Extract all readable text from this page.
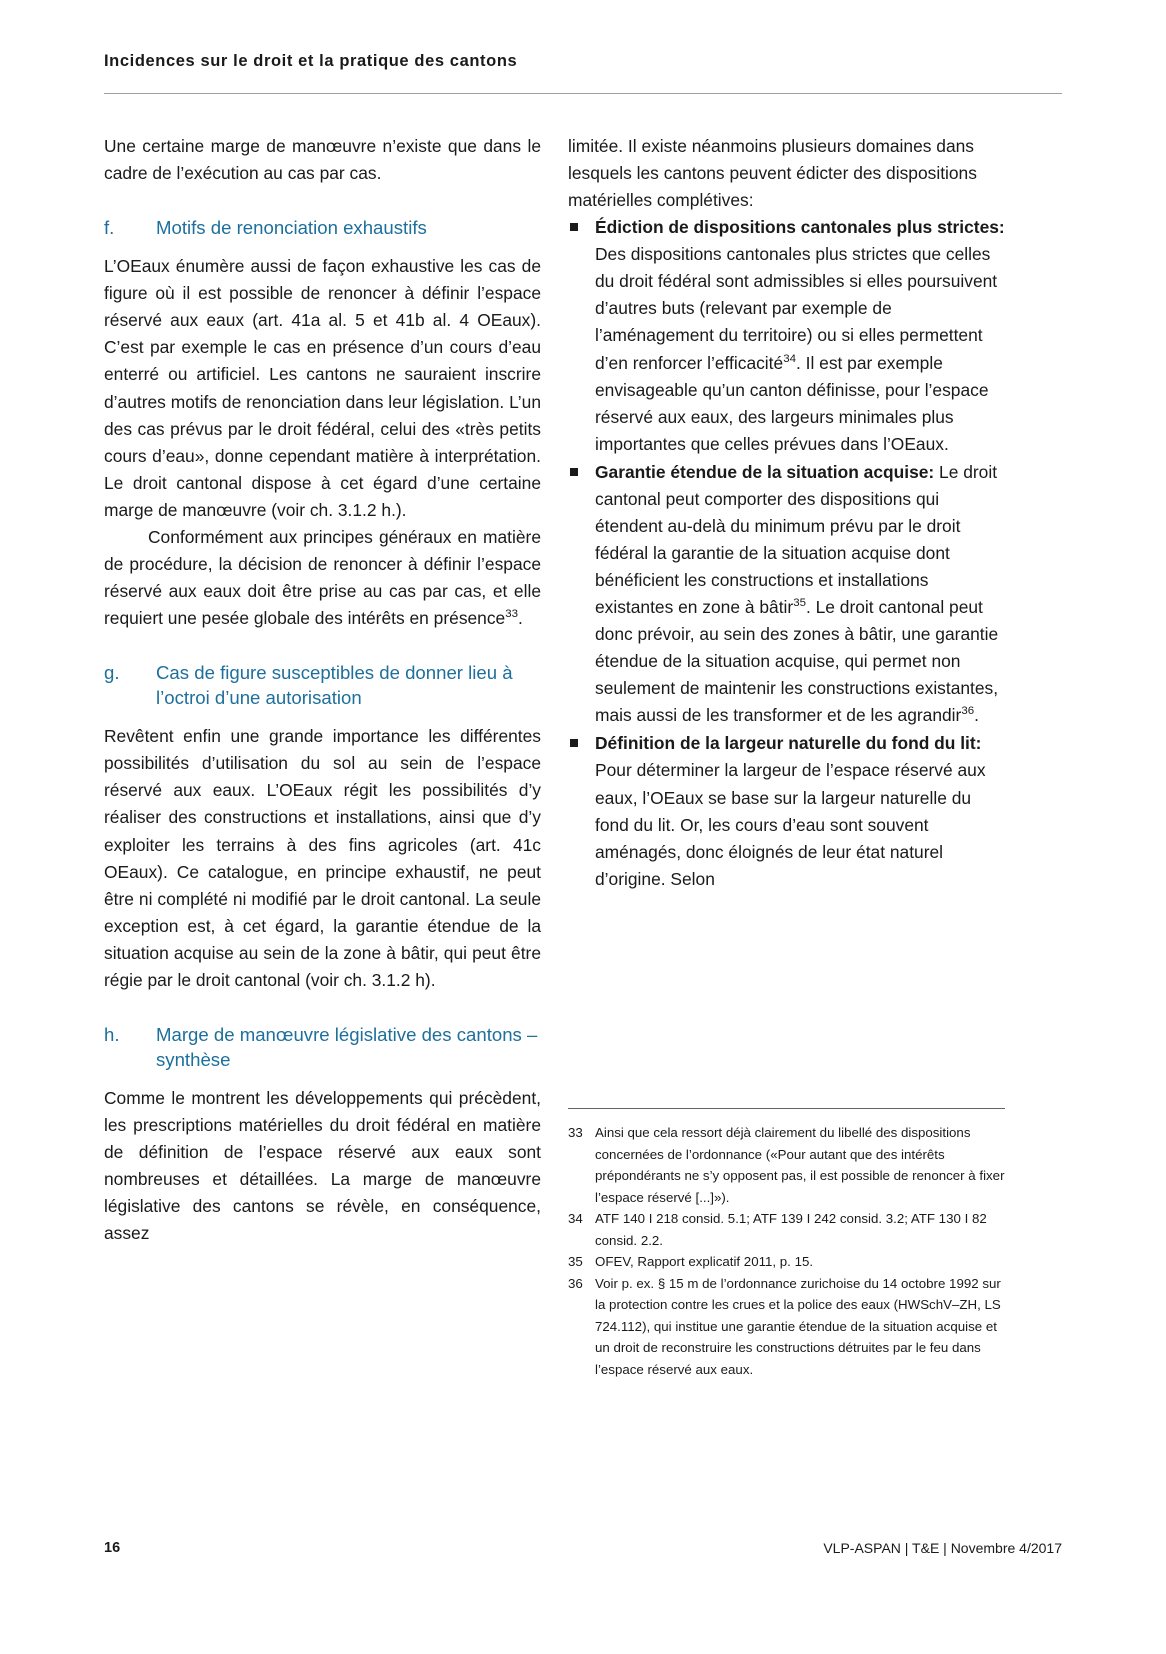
Incidences sur le droit et la pratique des cantons

Une certaine marge de manœuvre n’existe que dans le cadre de l’exécution au cas par cas.

f.	Motifs de renonciation exhaustifs

L’OEaux énumère aussi de façon exhaustive les cas de figure où il est possible de renoncer à définir l’espace réservé aux eaux (art. 41a al. 5 et 41b al. 4 OEaux). C’est par exemple le cas en présence d’un cours d’eau enterré ou artificiel. Les cantons ne sauraient inscrire d’autres motifs de renonciation dans leur législation. L’un des cas prévus par le droit fédéral, celui des «très petits cours d’eau», donne cependant matière à interprétation. Le droit cantonal dispose à cet égard d’une certaine marge de manœuvre (voir ch. 3.1.2 h.).

Conformément aux principes généraux en matière de procédure, la décision de renoncer à définir l’espace réservé aux eaux doit être prise au cas par cas, et elle requiert une pesée globale des intérêts en présence$^{33}$.

g.	Cas de figure susceptibles de donner lieu à l’octroi d’une autorisation

Revêtent enfin une grande importance les différentes possibilités d’utilisation du sol au sein de l’espace réservé aux eaux. L’OEaux régit les possibilités d’y réaliser des constructions et installations, ainsi que d’y exploiter les terrains à des fins agricoles (art. 41c OEaux). Ce catalogue, en principe exhaustif, ne peut être ni complété ni modifié par le droit cantonal. La seule exception est, à cet égard, la garantie étendue de la situation acquise au sein de la zone à bâtir, qui peut être régie par le droit cantonal (voir ch. 3.1.2 h).

h.	Marge de manœuvre législative des cantons – synthèse

Comme le montrent les développements qui précèdent, les prescriptions matérielles du droit fédéral en matière de définition de l’espace réservé aux eaux sont nombreuses et détaillées. La marge de manœuvre législative des cantons se révèle, en conséquence, assez

limitée. Il existe néanmoins plusieurs domaines dans lesquels les cantons peuvent édicter des dispositions matérielles complétives:

Édiction de dispositions cantonales plus strictes: Des dispositions cantonales plus strictes que celles du droit fédéral sont admissibles si elles poursuivent d’autres buts (relevant par exemple de l’aménagement du territoire) ou si elles permettent d’en renforcer l’efficacité$^{34}$. Il est par exemple envisageable qu’un canton définisse, pour l’espace réservé aux eaux, des largeurs minimales plus importantes que celles prévues dans l’OEaux.
Garantie étendue de la situation acquise: Le droit cantonal peut comporter des dispositions qui étendent au-delà du minimum prévu par le droit fédéral la garantie de la situation acquise dont bénéficient les constructions et installations existantes en zone à bâtir$^{35}$. Le droit cantonal peut donc prévoir, au sein des zones à bâtir, une garantie étendue de la situation acquise, qui permet non seulement de maintenir les constructions existantes, mais aussi de les transformer et de les agrandir$^{36}$.
Définition de la largeur naturelle du fond du lit: Pour déterminer la largeur de l’espace réservé aux eaux, l’OEaux se base sur la largeur naturelle du fond du lit. Or, les cours d’eau sont souvent aménagés, donc éloignés de leur état naturel d’origine. Selon
33 Ainsi que cela ressort déjà clairement du libellé des dispositions concernées de l’ordonnance («Pour autant que des intérêts prépondérants ne s’y opposent pas, il est possible de renoncer à fixer l’espace réservé [...]»).
34 ATF 140 I 218 consid. 5.1; ATF 139 I 242 consid. 3.2; ATF 130 I 82 consid. 2.2.
35 OFEV, Rapport explicatif 2011, p. 15.
36 Voir p. ex. § 15 m de l’ordonnance zurichoise du 14 octobre 1992 sur la protection contre les crues et la police des eaux (HWSchV–ZH, LS 724.112), qui institue une garantie étendue de la situation acquise et un droit de reconstruire les constructions détruites par le feu dans l’espace réservé aux eaux.
16	VLP-ASPAN | T&E | Novembre 4/2017
